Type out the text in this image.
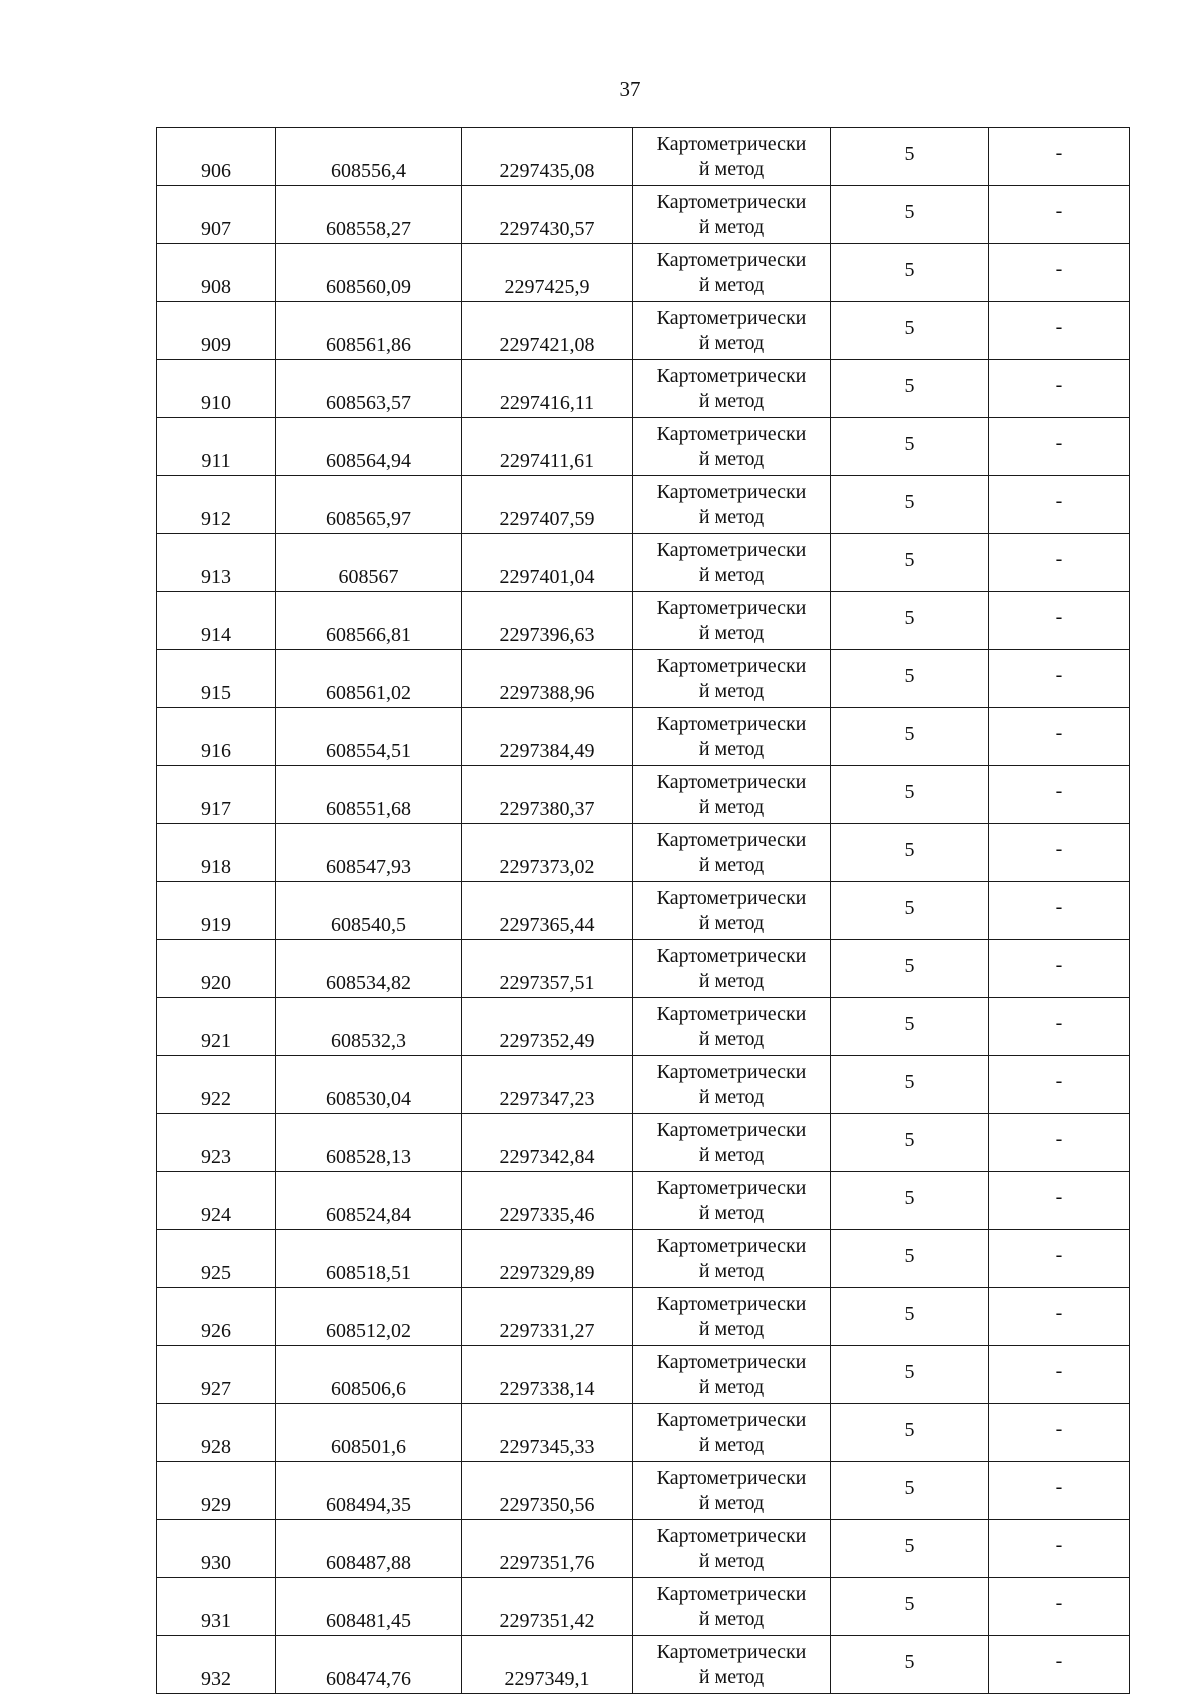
37
906	608556,4	2297435,08	Картометрически
й метод	5	-
907	608558,27	2297430,57	Картометрически
й метод	5	-
908	608560,09	2297425,9	Картометрически
й метод	5	-
909	608561,86	2297421,08	Картометрически
й метод	5	-
910	608563,57	2297416,11	Картометрически
й метод	5	-
911	608564,94	2297411,61	Картометрически
й метод	5	-
912	608565,97	2297407,59	Картометрически
й метод	5	-
913	608567	2297401,04	Картометрически
й метод	5	-
914	608566,81	2297396,63	Картометрически
й метод	5	-
915	608561,02	2297388,96	Картометрически
й метод	5	-
916	608554,51	2297384,49	Картометрически
й метод	5	-
917	608551,68	2297380,37	Картометрически
й метод	5	-
918	608547,93	2297373,02	Картометрически
й метод	5	-
919	608540,5	2297365,44	Картометрически
й метод	5	-
920	608534,82	2297357,51	Картометрически
й метод	5	-
921	608532,3	2297352,49	Картометрически
й метод	5	-
922	608530,04	2297347,23	Картометрически
й метод	5	-
923	608528,13	2297342,84	Картометрически
й метод	5	-
924	608524,84	2297335,46	Картометрически
й метод	5	-
925	608518,51	2297329,89	Картометрически
й метод	5	-
926	608512,02	2297331,27	Картометрически
й метод	5	-
927	608506,6	2297338,14	Картометрически
й метод	5	-
928	608501,6	2297345,33	Картометрически
й метод	5	-
929	608494,35	2297350,56	Картометрически
й метод	5	-
930	608487,88	2297351,76	Картометрически
й метод	5	-
931	608481,45	2297351,42	Картометрически
й метод	5	-
932	608474,76	2297349,1	Картометрически
й метод	5	-
